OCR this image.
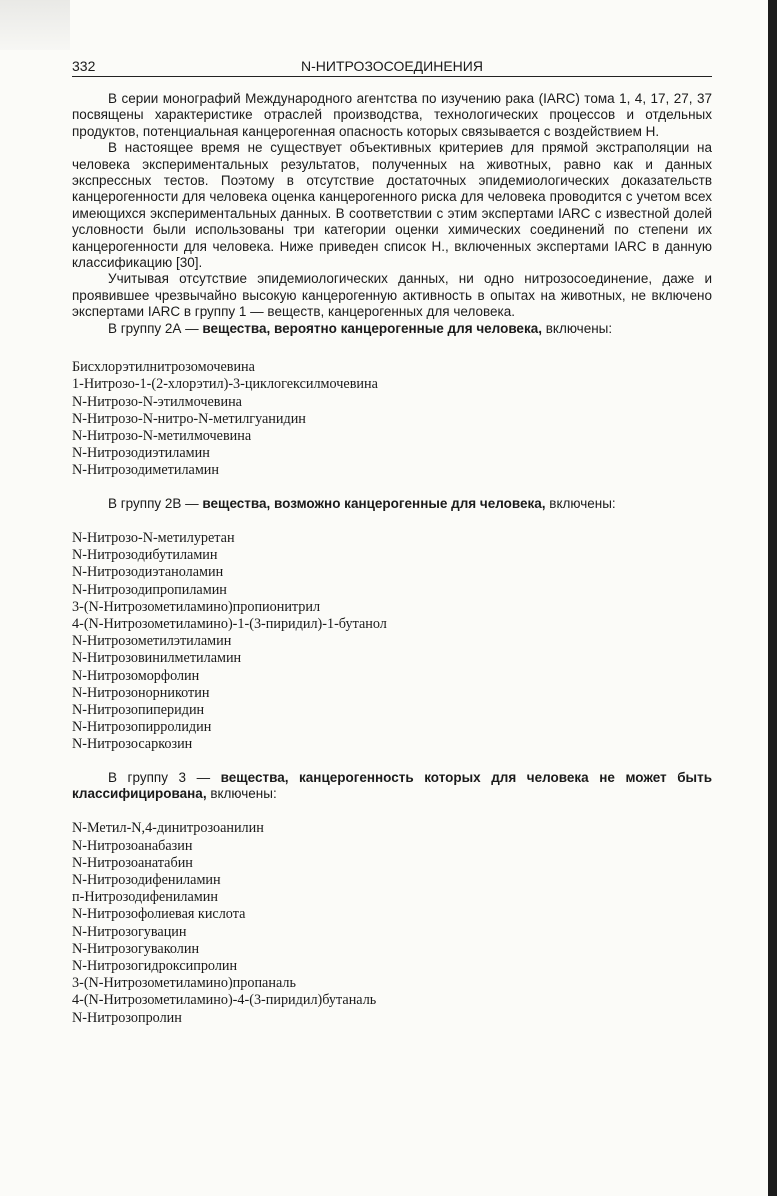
332	N-НИТРОЗОСОЕДИНЕНИЯ

В серии монографий Международного агентства по изучению рака (IARC) тома 1, 4, 17, 27, 37 посвящены характеристике отраслей производства, технологических процессов и отдельных продуктов, потенциальная канцерогенная опасность которых связывается с воздействием Н.

В настоящее время не существует объективных критериев для прямой экстраполяции на человека экспериментальных результатов, полученных на животных, равно как и данных экспрессных тестов. Поэтому в отсутствие достаточных эпидемиологических доказательств канцерогенности для человека оценка канцерогенного риска для человека проводится с учетом всех имеющихся экспериментальных данных. В соответствии с этим экспертами IARC с известной долей условности были использованы три категории оценки химических соединений по степени их канцерогенности для человека. Ниже приведен список Н., включенных экспертами IARC в данную классификацию [30].

Учитывая отсутствие эпидемиологических данных, ни одно нитрозосоединение, даже и проявившее чрезвычайно высокую канцерогенную активность в опытах на животных, не включено экспертами IARC в группу 1 — веществ, канцерогенных для человека.

В группу 2А — вещества, вероятно канцерогенные для человека, включены:

Бисхлорэтилнитрозомочевина
1-Нитрозо-1-(2-хлорэтил)-3-циклогексилмочевина
N-Нитрозо-N-этилмочевина
N-Нитрозо-N-нитро-N-метилгуанидин
N-Нитрозо-N-метилмочевина
N-Нитрозодиэтиламин
N-Нитрозодиметиламин

В группу 2В — вещества, возможно канцерогенные для человека, включены:

N-Нитрозо-N-метилуретан
N-Нитрозодибутиламин
N-Нитрозодиэтаноламин
N-Нитрозодипропиламин
3-(N-Нитрозометиламино)пропионитрил
4-(N-Нитрозометиламино)-1-(3-пиридил)-1-бутанол
N-Нитрозометилэтиламин
N-Нитрозовинилметиламин
N-Нитрозоморфолин
N-Нитрозонорникотин
N-Нитрозопиперидин
N-Нитрозопирролидин
N-Нитрозосаркозин

В группу 3 — вещества, канцерогенность которых для человека не может быть классифицирована, включены:

N-Метил-N,4-динитрозоанилин
N-Нитрозоанабазин
N-Нитрозоанатабин
N-Нитрозодифениламин
п-Нитрозодифениламин
N-Нитрозофолиевая кислота
N-Нитрозогувацин
N-Нитрозогуваколин
N-Нитрозогидроксипролин
3-(N-Нитрозометиламино)пропаналь
4-(N-Нитрозометиламино)-4-(3-пиридил)бутаналь
N-Нитрозопролин
